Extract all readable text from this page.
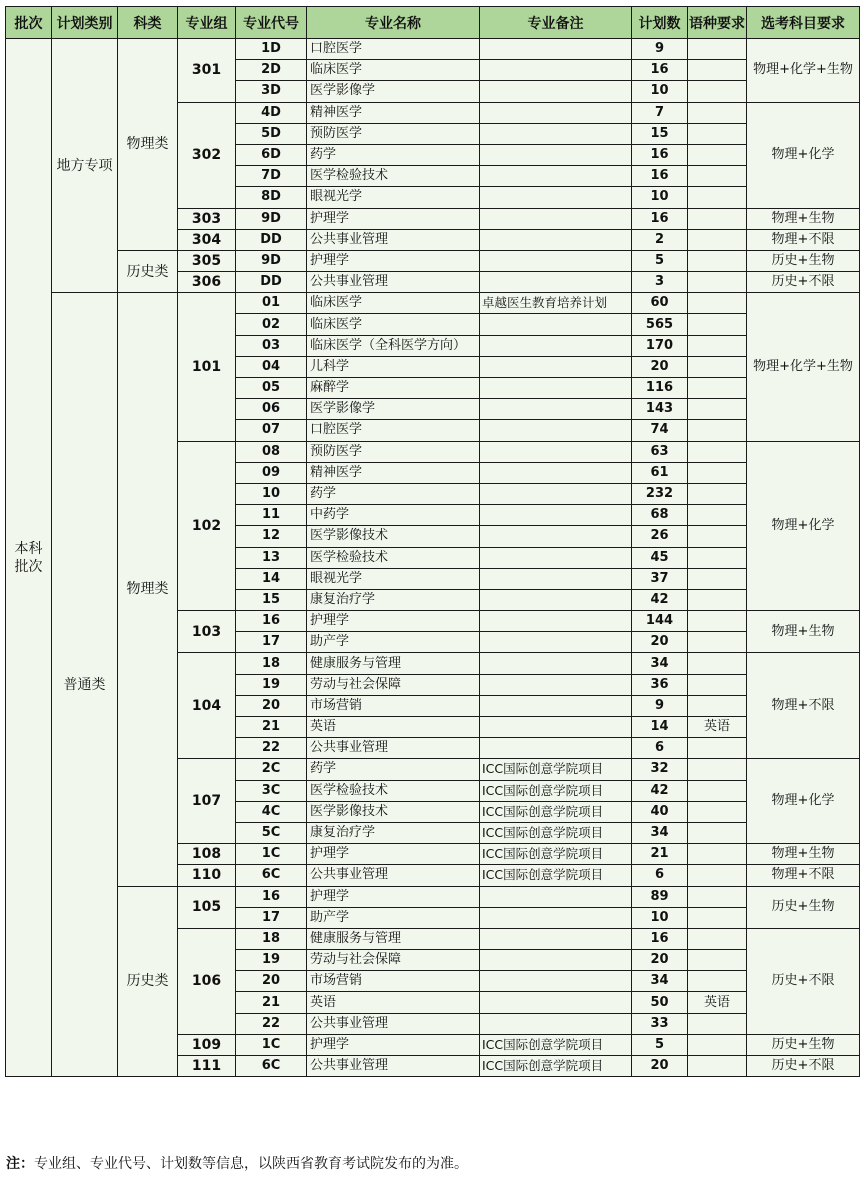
批次	计划类别	科类	专业组	专业代号	专业名称	专业备注	计划数	语种要求	选考科目要求

本科
批次	地方专项	物理类	301	1D	口腔医学		9		物理+化学+生物
				2D	临床医学		16		
				3D	医学影像学		10		
			302	4D	精神医学		7		物理+化学
				5D	预防医学		15		
				6D	药学		16		
				7D	医学检验技术		16		
				8D	眼视光学		10		
			303	9D	护理学		16		物理+生物
			304	DD	公共事业管理		2		物理+不限
		历史类	305	9D	护理学		5		历史+生物
			306	DD	公共事业管理		3		历史+不限
	普通类	物理类	101	01	临床医学	卓越医生教育培养计划	60		物理+化学+生物
				02	临床医学		565		
				03	临床医学（全科医学方向）		170		
				04	儿科学		20		
				05	麻醉学		116		
				06	医学影像学		143		
				07	口腔医学		74		
			102	08	预防医学		63		物理+化学
				09	精神医学		61		
				10	药学		232		
				11	中药学		68		
				12	医学影像技术		26		
				13	医学检验技术		45		
				14	眼视光学		37		
				15	康复治疗学		42		
			103	16	护理学		144		物理+生物
				17	助产学		20		
			104	18	健康服务与管理		34		物理+不限
				19	劳动与社会保障		36		
				20	市场营销		9		
				21	英语		14	英语	
				22	公共事业管理		6		
			107	2C	药学	ICC国际创意学院项目	32		物理+化学
				3C	医学检验技术	ICC国际创意学院项目	42		
				4C	医学影像技术	ICC国际创意学院项目	40		
				5C	康复治疗学	ICC国际创意学院项目	34		
			108	1C	护理学	ICC国际创意学院项目	21		物理+生物
			110	6C	公共事业管理	ICC国际创意学院项目	6		物理+不限
		历史类	105	16	护理学		89		历史+生物
				17	助产学		10		
			106	18	健康服务与管理		16		历史+不限
				19	劳动与社会保障		20		
				20	市场营销		34		
				21	英语		50	英语	
				22	公共事业管理		33		
			109	1C	护理学	ICC国际创意学院项目	5		历史+生物
			111	6C	公共事业管理	ICC国际创意学院项目	20		历史+不限
注：专业组、专业代号、计划数等信息，以陕西省教育考试院发布的为准。
